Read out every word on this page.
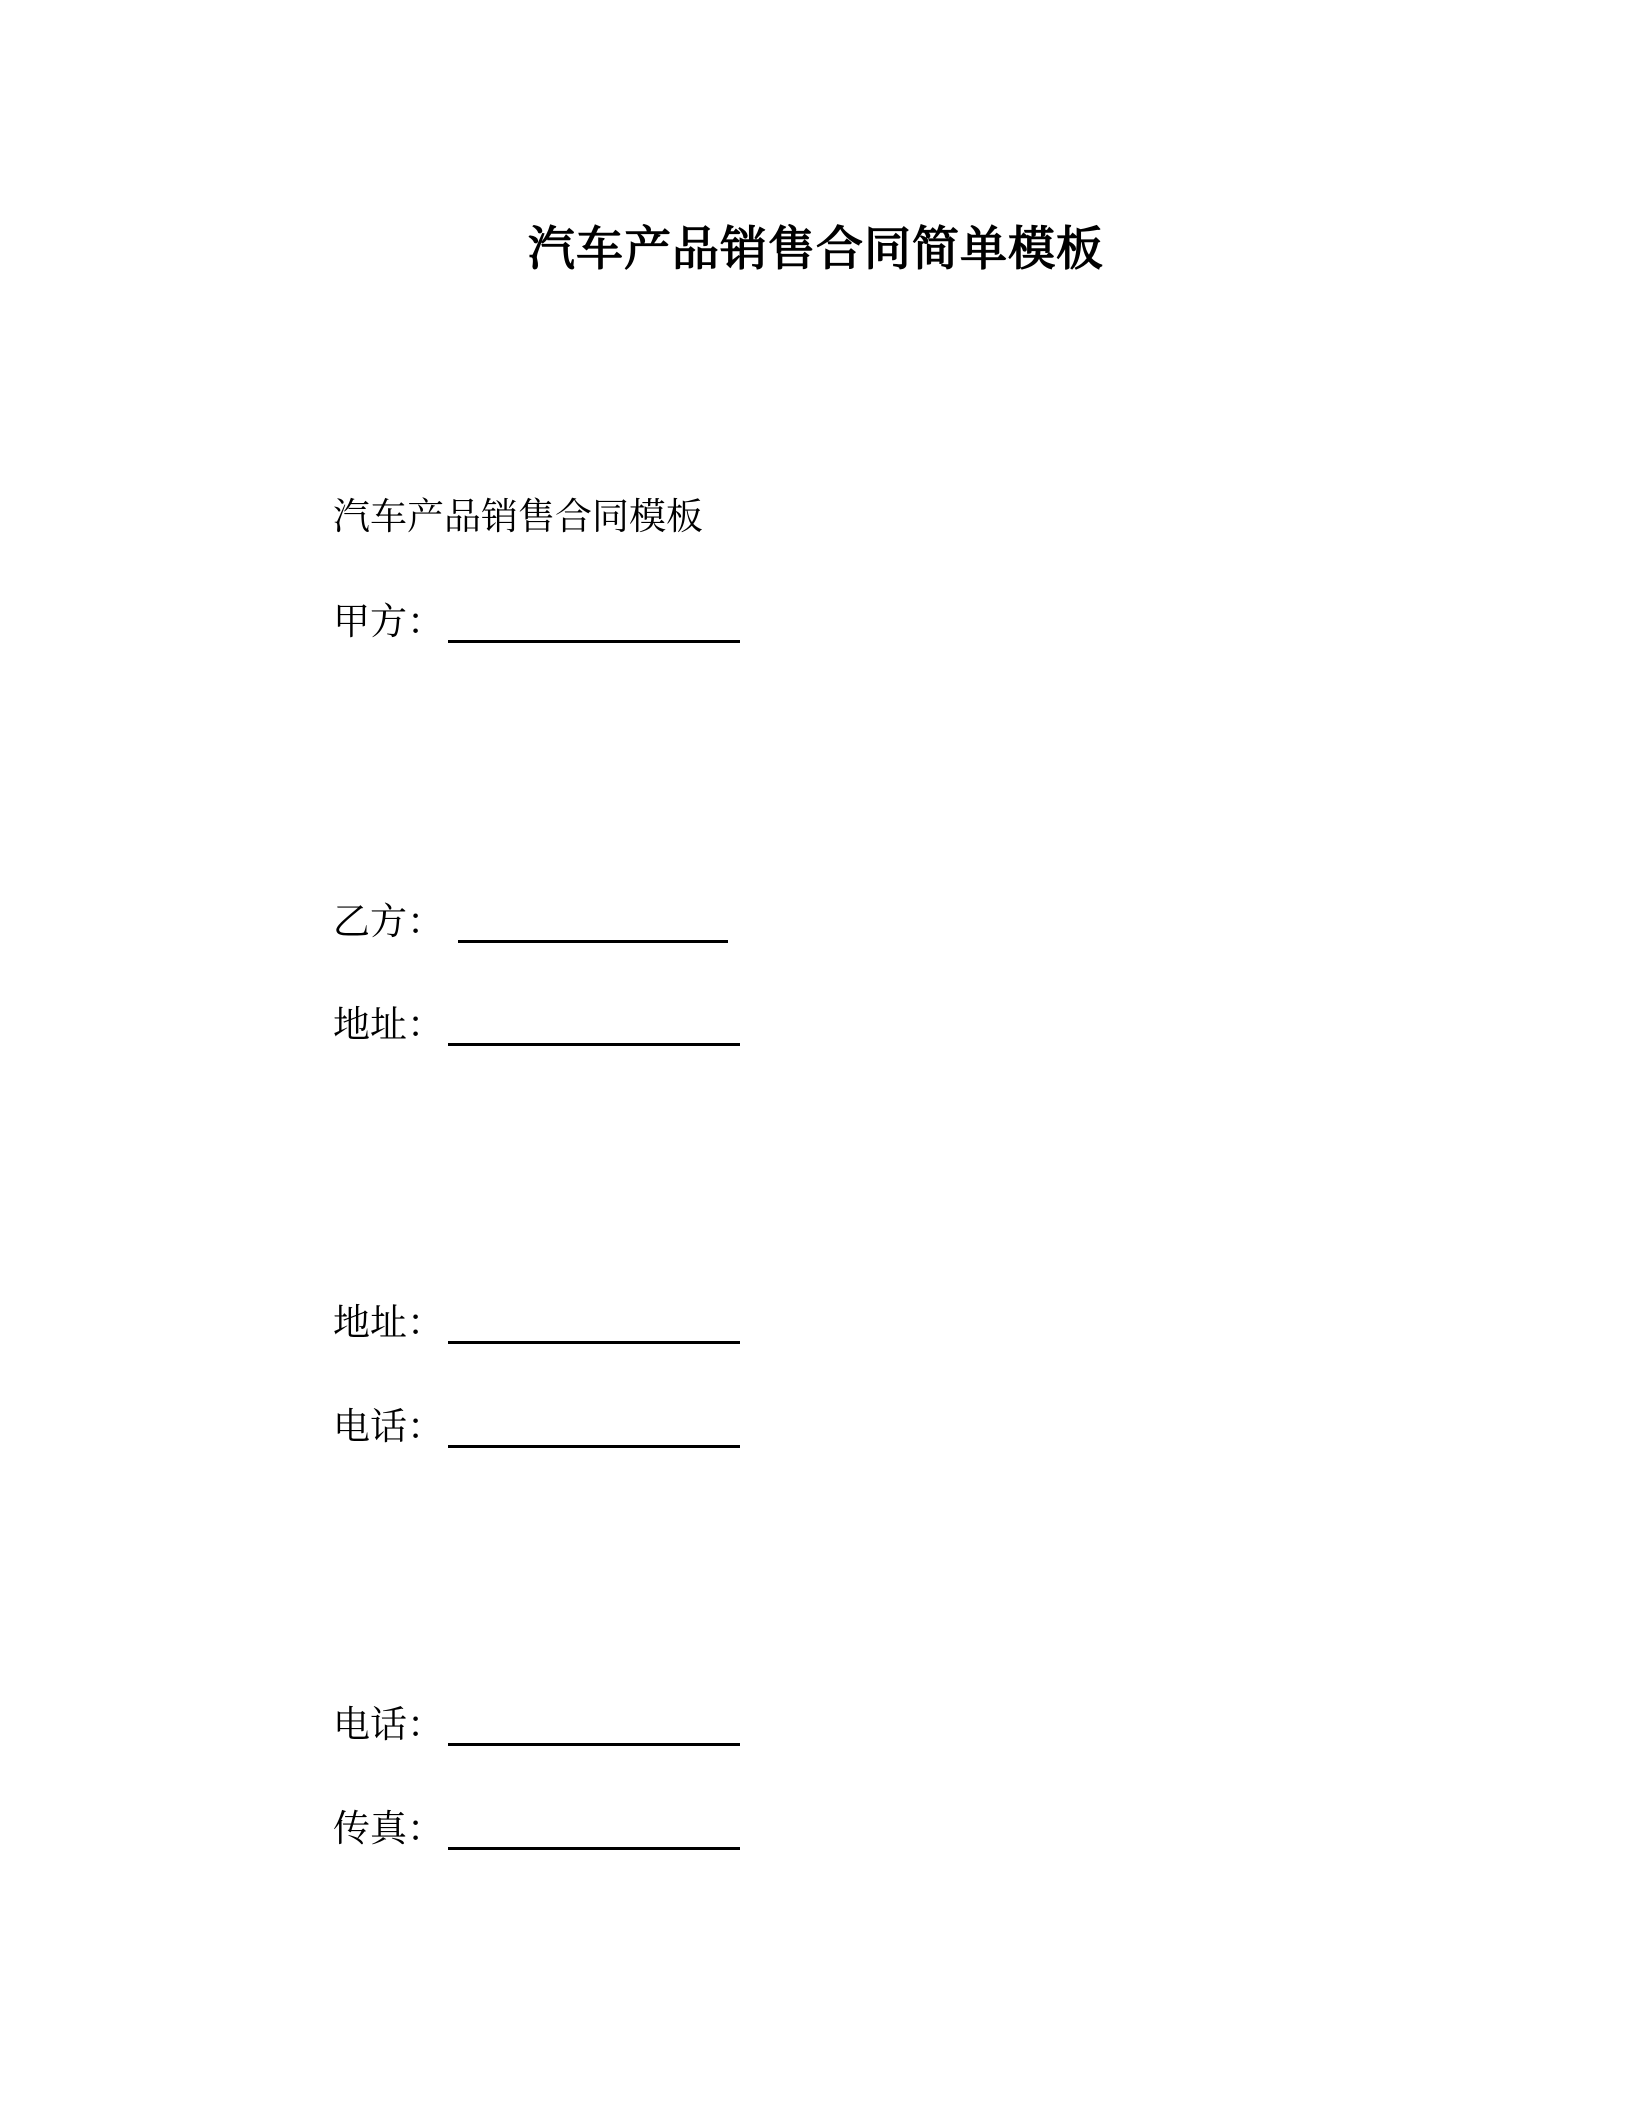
汽车产品销售合同简单模板
汽车产品销售合同模板
甲方：
乙方：
地址：
地址：
电话：
电话：
传真：
